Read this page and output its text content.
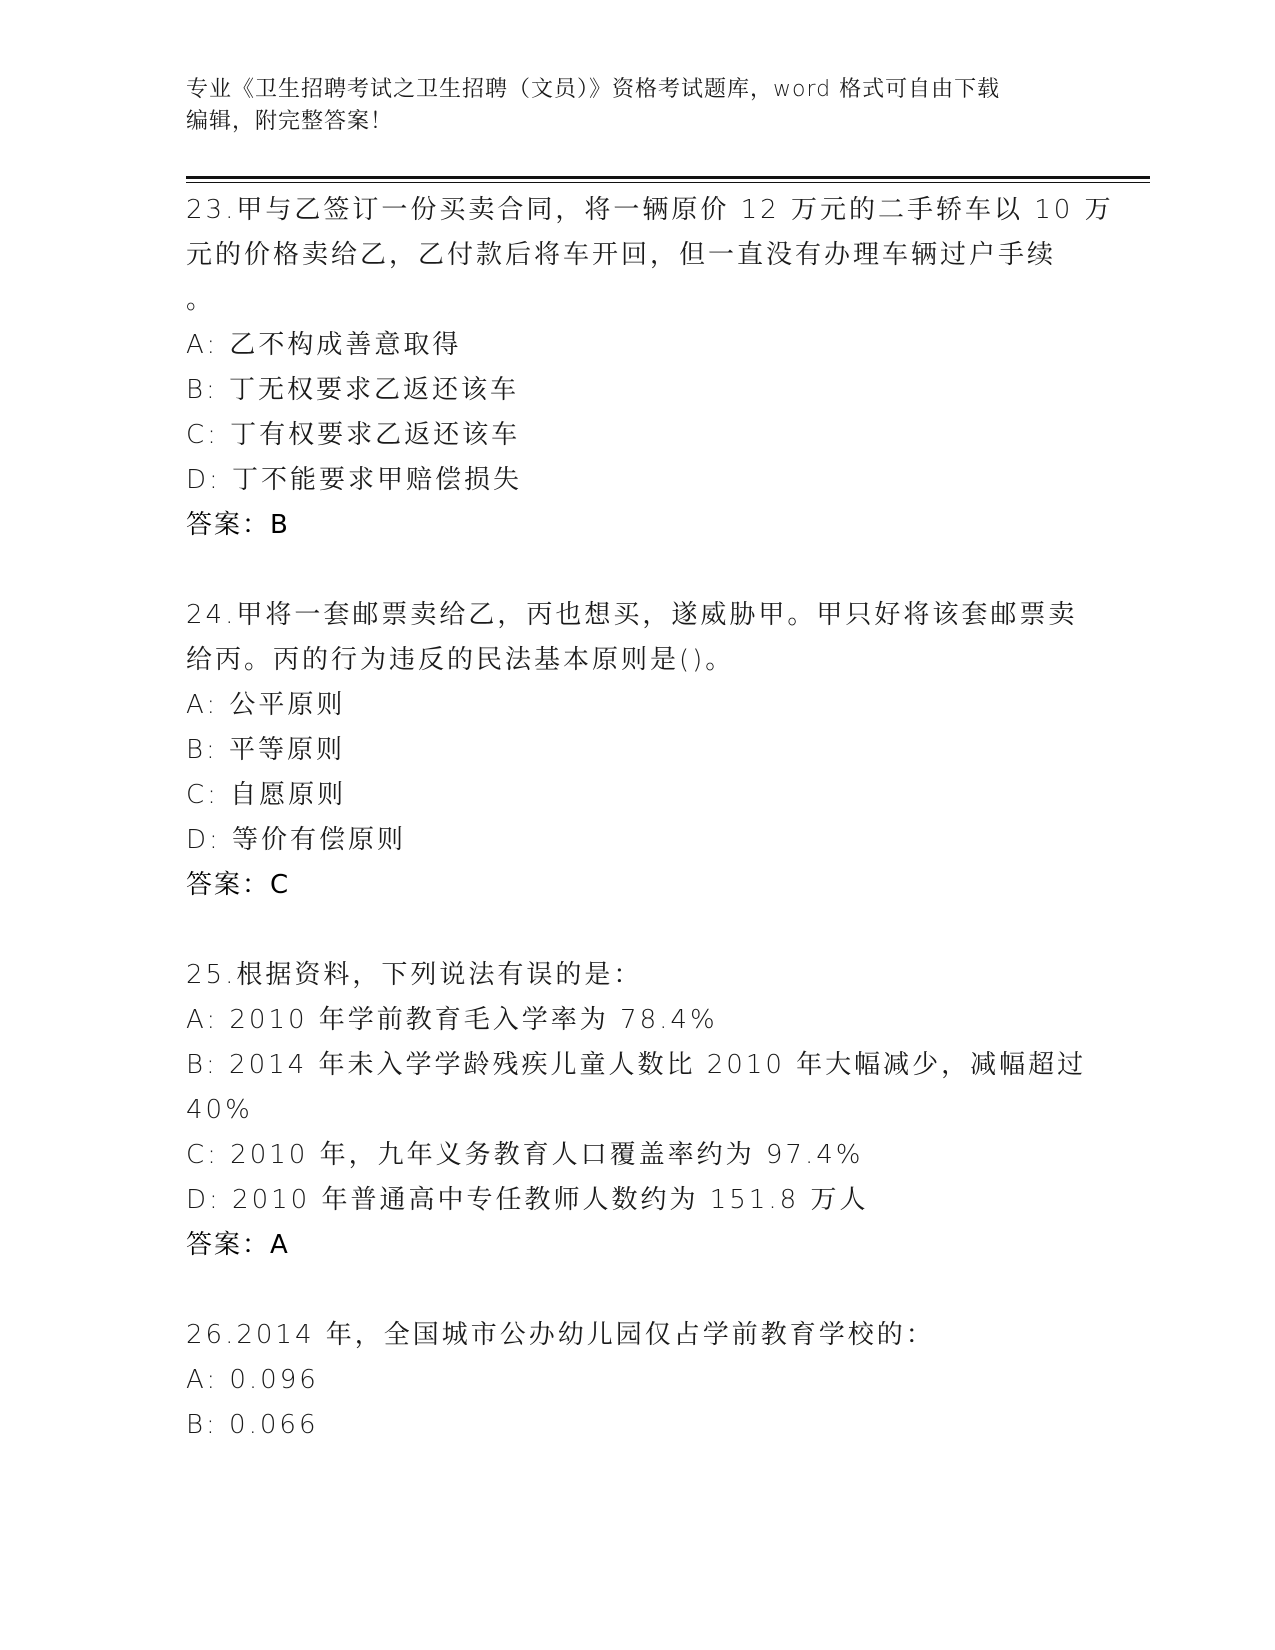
专业《卫生招聘考试之卫生招聘（文员）》资格考试题库，word 格式可自由下载
编辑，附完整答案！
23.甲与乙签订一份买卖合同，将一辆原价 12 万元的二手轿车以 10 万
元的价格卖给乙，乙付款后将车开回，但一直没有办理车辆过户手续
。
A: 乙不构成善意取得
B: 丁无权要求乙返还该车
C: 丁有权要求乙返还该车
D: 丁不能要求甲赔偿损失
答案：B
24.甲将一套邮票卖给乙，丙也想买，遂威胁甲。甲只好将该套邮票卖
给丙。丙的行为违反的民法基本原则是()。
A: 公平原则
B: 平等原则
C: 自愿原则
D: 等价有偿原则
答案：C
25.根据资料，下列说法有误的是：
A: 2010 年学前教育毛入学率为 78.4%
B: 2014 年未入学学龄残疾儿童人数比 2010 年大幅减少，减幅超过
40%
C: 2010 年，九年义务教育人口覆盖率约为 97.4%
D: 2010 年普通高中专任教师人数约为 151.8 万人
答案：A
26.2014 年，全国城市公办幼儿园仅占学前教育学校的：
A: 0.096
B: 0.066
